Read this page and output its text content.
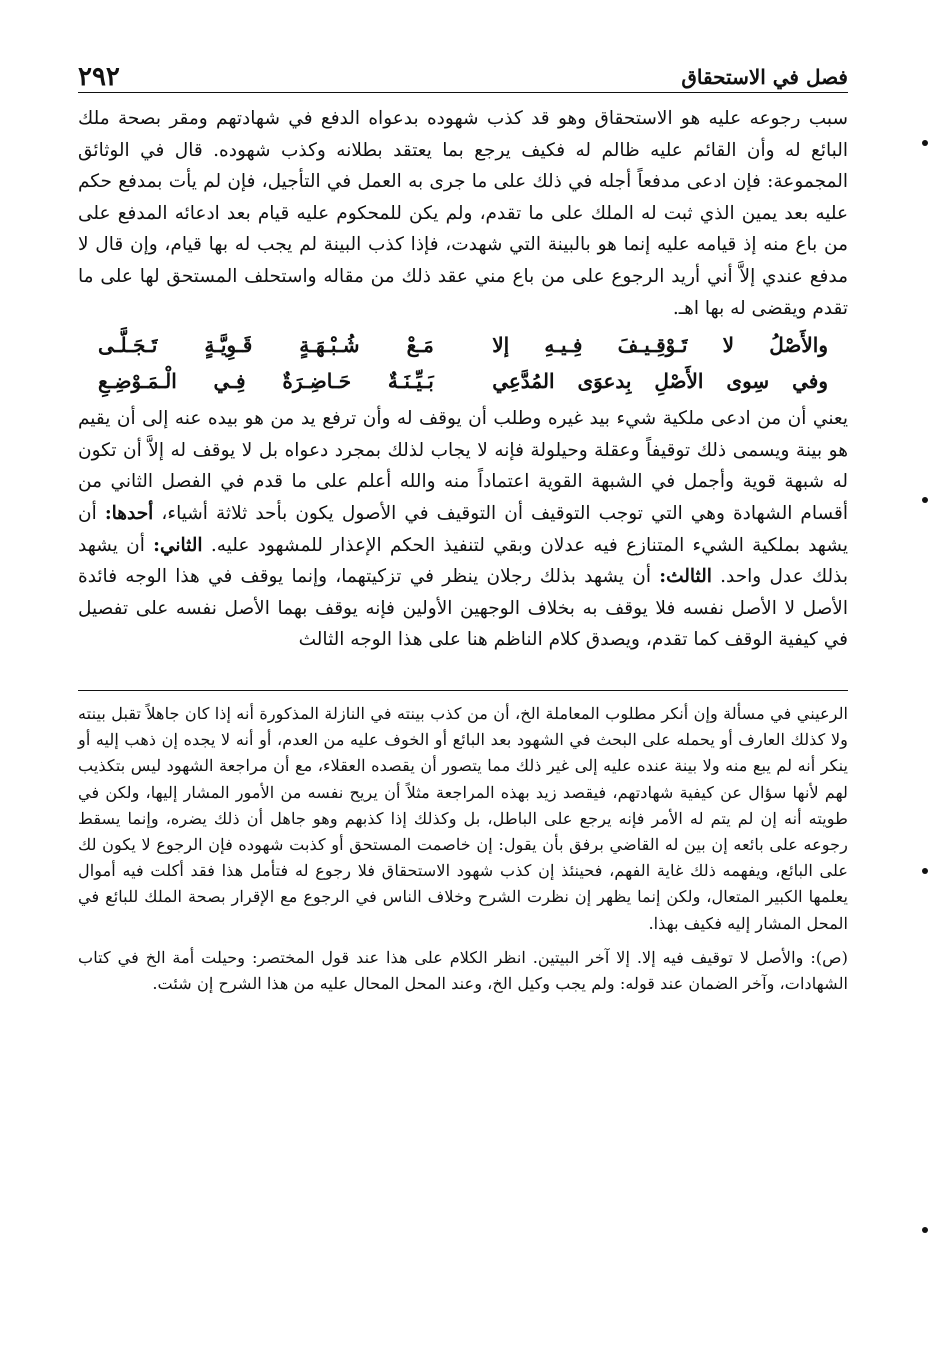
فصل في الاستحقاق
٢٩٢

سبب رجوعه عليه هو الاستحقاق وهو قد كذب شهوده بدعواه الدفع في شهادتهم ومقر بصحة ملك البائع له وأن القائم عليه ظالم له فكيف يرجع بما يعتقد بطلانه وكذب شهوده. قال في الوثائق المجموعة: فإن ادعى مدفعاً أجله في ذلك على ما جرى به العمل في التأجيل، فإن لم يأت بمدفع حكم عليه بعد يمين الذي ثبت له الملك على ما تقدم، ولم يكن للمحكوم عليه قيام بعد ادعائه المدفع على من باع منه إذ قيامه عليه إنما هو بالبينة التي شهدت، فإذا كذب البينة لم يجب له بها قيام، وإن قال لا مدفع عندي إلاَّ أني أريد الرجوع على من باع مني عقد ذلك من مقاله واستحلف المستحق لها على ما تقدم ويقضى له بها اهـ.

والأَصْلُ لا تَـوْقِـيـفَ فِـيـهِ إلا
مَـعْ شُـبْـهَـةٍ قَـوِيَّـةٍ تَـجَـلَّـى
وفي سِوى الأَصْلِ بِدعوَى المُدَّعِي
بَـيِّـنَـةٌ حَـاضِـرَةٌ فِـي الْـمَـوْضِـعِ

يعني أن من ادعى ملكية شيء بيد غيره وطلب أن يوقف له وأن ترفع يد من هو بيده عنه إلى أن يقيم هو بينة ويسمى ذلك توقيفاً وعقلة وحيلولة فإنه لا يجاب لذلك بمجرد دعواه بل لا يوقف له إلاَّ أن تكون له شبهة قوية وأجمل في الشبهة القوية اعتماداً منه والله أعلم على ما قدم في الفصل الثاني من أقسام الشهادة وهي التي توجب التوقيف أن التوقيف في الأصول يكون بأحد ثلاثة أشياء، أحدها: أن يشهد بملكية الشيء المتنازع فيه عدلان وبقي لتنفيذ الحكم الإعذار للمشهود عليه. الثاني: أن يشهد بذلك عدل واحد. الثالث: أن يشهد بذلك رجلان ينظر في تزكيتهما، وإنما يوقف في هذا الوجه فائدة الأصل لا الأصل نفسه فلا يوقف به بخلاف الوجهين الأولين فإنه يوقف بهما الأصل نفسه على تفصيل في كيفية الوقف كما تقدم، ويصدق كلام الناظم هنا على هذا الوجه الثالث

الرعيني في مسألة وإن أنكر مطلوب المعاملة الخ، أن من كذب بينته في النازلة المذكورة أنه إذا كان جاهلاً تقبل بينته ولا كذلك العارف أو يحمله على البحث في الشهود بعد البائع أو الخوف عليه من العدم، أو أنه لا يجده إن ذهب إليه أو ينكر أنه لم يبع منه ولا بينة عنده عليه إلى غير ذلك مما يتصور أن يقصده العقلاء، مع أن مراجعة الشهود ليس بتكذيب لهم لأنها سؤال عن كيفية شهادتهم، فيقصد زيد بهذه المراجعة مثلاً أن يريح نفسه من الأمور المشار إليها، ولكن في طويته أنه إن لم يتم له الأمر فإنه يرجع على الباطل، بل وكذلك إذا كذبهم وهو جاهل أن ذلك يضره، وإنما يسقط رجوعه على بائعه إن بين له القاضي برفق بأن يقول: إن خاصمت المستحق أو كذبت شهوده فإن الرجوع لا يكون لك على البائع، ويفهمه ذلك غاية الفهم، فحينئذ إن كذب شهود الاستحقاق فلا رجوع له فتأمل هذا فقد أكلت فيه أموال يعلمها الكبير المتعال، ولكن إنما يظهر إن نظرت الشرح وخلاف الناس في الرجوع مع الإقرار بصحة الملك للبائع في المحل المشار إليه فكيف بهذا.

(ص): والأصل لا توقيف فيه إلا. إلا آخر البيتين. انظر الكلام على هذا عند قول المختصر: وحيلت أمة الخ في كتاب الشهادات، وآخر الضمان عند قوله: ولم يجب وكيل الخ، وعند المحل المحال عليه من هذا الشرح إن شئت.
